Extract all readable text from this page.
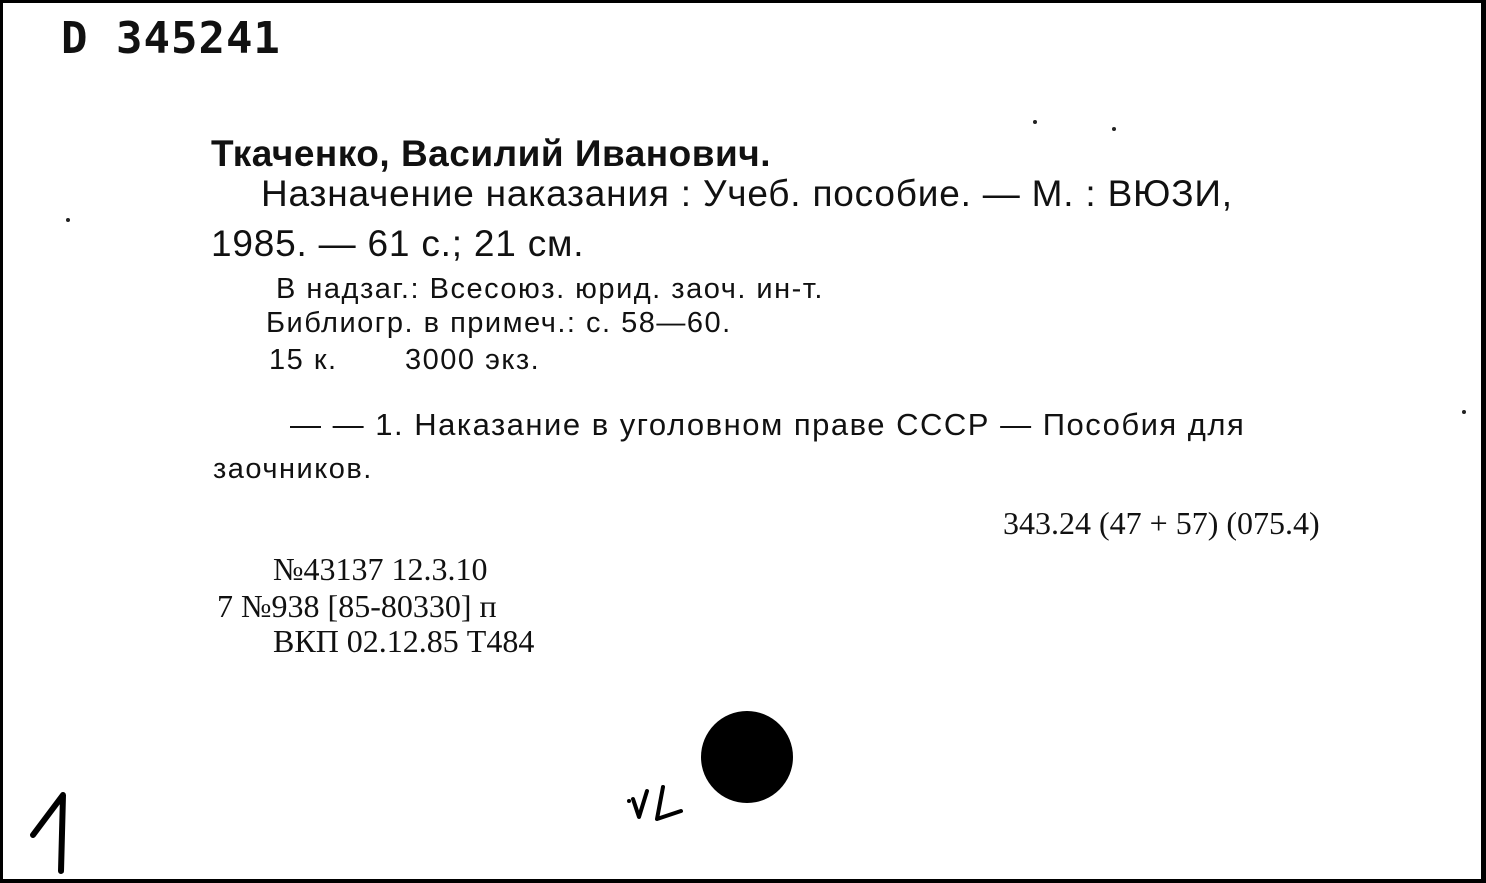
D 345241
Ткаченко, Василий Иванович.
Назначение наказания : Учеб. пособие. — М. : ВЮЗИ,
1985. — 61 с.; 21 см.
В надзаг.: Всесоюз. юрид. заоч. ин-т.
Библиогр. в примеч.: с. 58—60.
15 к. 3000 экз.
— — 1. Наказание в уголовном праве СССР — Пособия для
заочников.
343.24 (47 + 57) (075.4)
№43137 12.3.10
7 №938 [85-80330] п
ВКП 02.12.85 Т484
